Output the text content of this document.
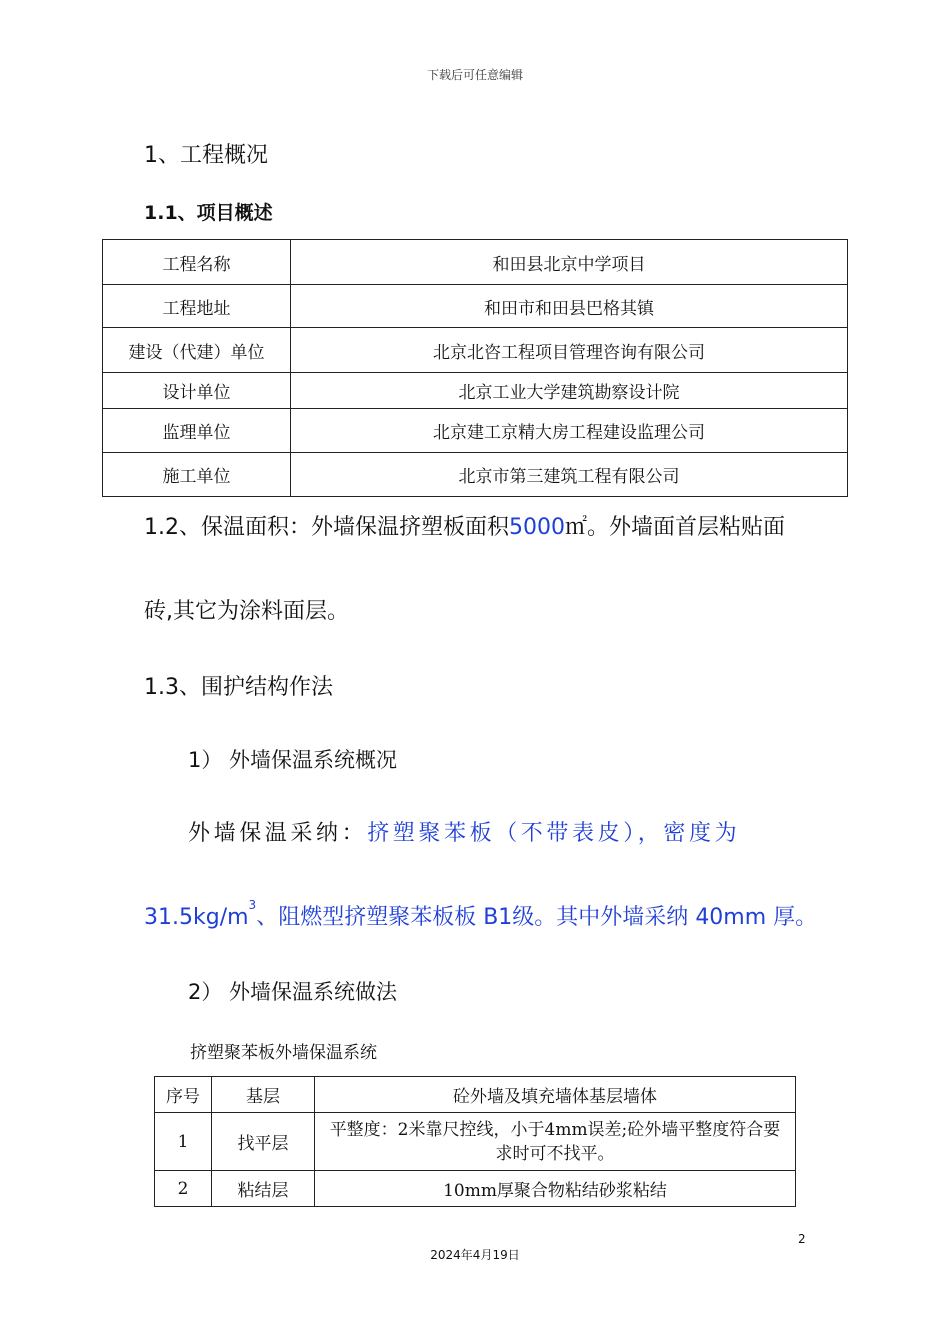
下载后可任意编辑
1、工程概况
1.1、项目概述
工程名称	和田县北京中学项目
工程地址	和田市和田县巴格其镇
建设（代建）单位	北京北咨工程项目管理咨询有限公司
设计单位	北京工业大学建筑勘察设计院
监理单位	北京建工京精大房工程建设监理公司
施工单位	北京市第三建筑工程有限公司
1.2、保温面积：外墙保温挤塑板面积5000㎡。外墙面首层粘贴面
砖,其它为涂料面层。
1.3、围护结构作法
1） 外墙保温系统概况
外墙保温采纳：挤塑聚苯板（不带表皮），密度为
$31.5kg/m^3$、阻燃型挤塑聚苯板板 B1级。其中外墙采纳 40mm 厚。
2） 外墙保温系统做法
挤塑聚苯板外墙保温系统
序号	基层	砼外墙及填充墙体基层墙体
1	找平层	平整度：2米靠尺控线，小于4mm误差;砼外墙平整度符合要求时可不找平。
2	粘结层	10mm厚聚合物粘结砂浆粘结
2
2024年4月19日
